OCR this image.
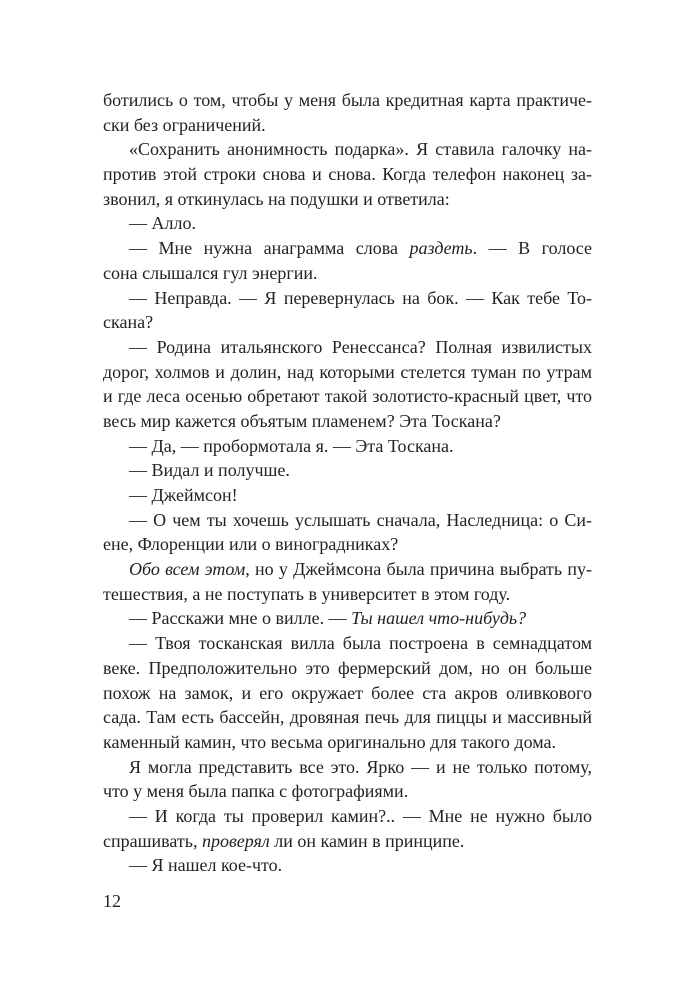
ботились о том, чтобы у меня была кредитная карта практиче-
ски без ограничений.
«Сохранить анонимность подарка». Я ставила галочку на-
против этой строки снова и снова. Когда телефон наконец за-
звонил, я откинулась на подушки и ответила:
— Алло.
— Мне нужна анаграмма слова раздеть. — В голосе
сона слышался гул энергии.
— Неправда. — Я перевернулась на бок. — Как тебе То-
скана?
— Родина итальянского Ренессанса? Полная извилистых
дорог, холмов и долин, над которыми стелется туман по утрам
и где леса осенью обретают такой золотисто-красный цвет, что
весь мир кажется объятым пламенем? Эта Тоскана?
— Да, — пробормотала я. — Эта Тоскана.
— Видал и получше.
— Джеймсон!
— О чем ты хочешь услышать сначала, Наследница: о Си-
ене, Флоренции или о виноградниках?
Обо всем этом, но у Джеймсона была причина выбрать пу-
тешествия, а не поступать в университет в этом году.
— Расскажи мне о вилле. — Ты нашел что-нибудь?
— Твоя тосканская вилла была построена в семнадцатом
веке. Предположительно это фермерский дом, но он больше
похож на замок, и его окружает более ста акров оливкового
сада. Там есть бассейн, дровяная печь для пиццы и массивный
каменный камин, что весьма оригинально для такого дома.
Я могла представить все это. Ярко — и не только потому,
что у меня была папка с фотографиями.
— И когда ты проверил камин?.. — Мне не нужно было
спрашивать, проверял ли он камин в принципе.
— Я нашел кое-что.
12
